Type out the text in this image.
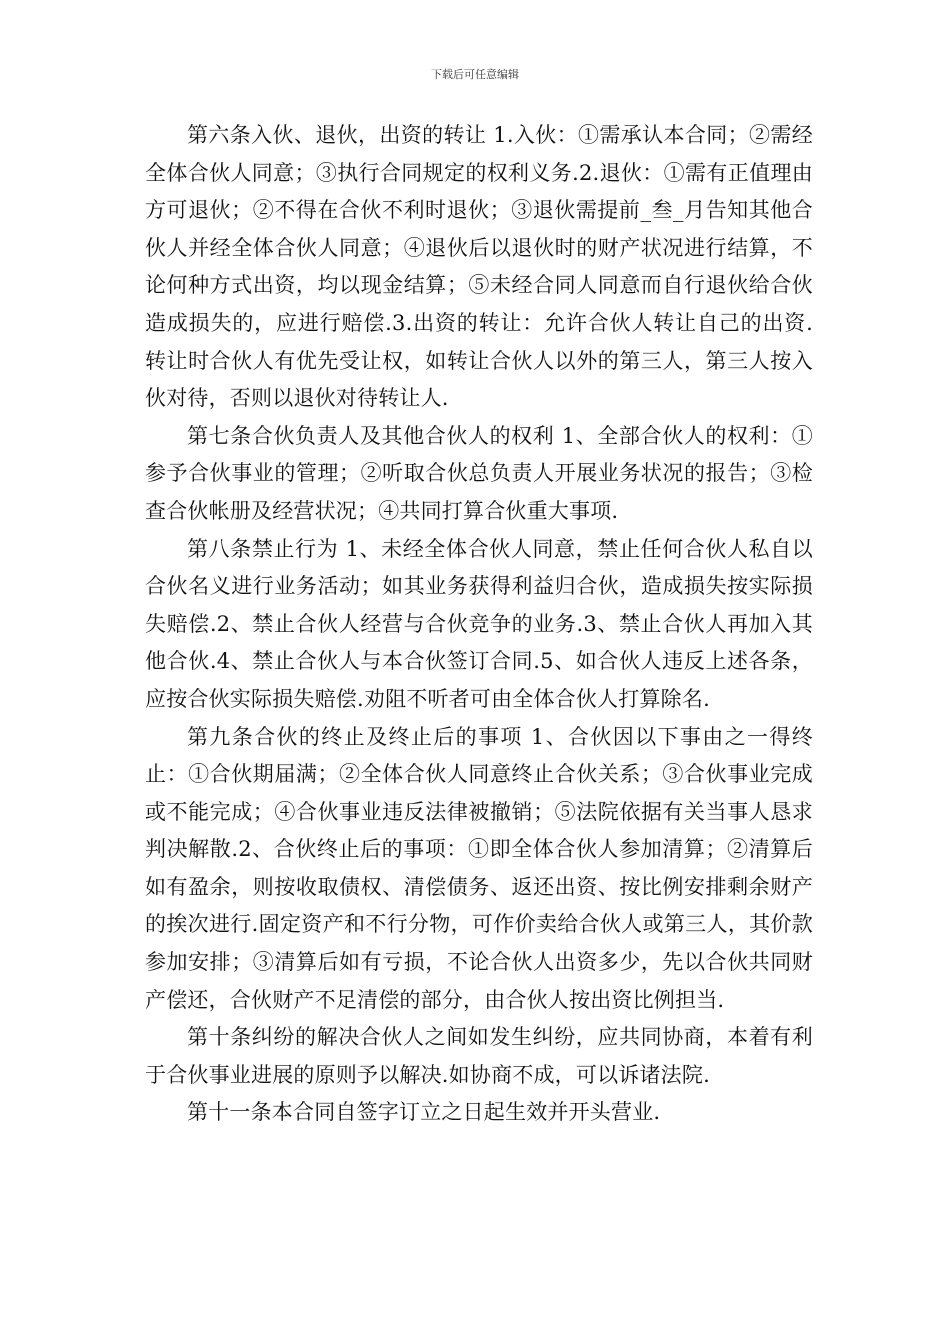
下载后可任意编辑

第六条入伙、退伙，出资的转让 1.入伙：①需承认本合同；②需经全体合伙人同意；③执行合同规定的权利义务.2.退伙：①需有正值理由方可退伙；②不得在合伙不利时退伙；③退伙需提前_叁_月告知其他合伙人并经全体合伙人同意；④退伙后以退伙时的财产状况进行结算，不论何种方式出资，均以现金结算；⑤未经合同人同意而自行退伙给合伙造成损失的，应进行赔偿.3.出资的转让：允许合伙人转让自己的出资.转让时合伙人有优先受让权，如转让合伙人以外的第三人，第三人按入伙对待，否则以退伙对待转让人.

第七条合伙负责人及其他合伙人的权利 1、全部合伙人的权利：①参予合伙事业的管理；②听取合伙总负责人开展业务状况的报告；③检查合伙帐册及经营状况；④共同打算合伙重大事项.

第八条禁止行为 1、未经全体合伙人同意，禁止任何合伙人私自以合伙名义进行业务活动；如其业务获得利益归合伙，造成损失按实际损失赔偿.2、禁止合伙人经营与合伙竞争的业务.3、禁止合伙人再加入其他合伙.4、禁止合伙人与本合伙签订合同.5、如合伙人违反上述各条，应按合伙实际损失赔偿.劝阻不听者可由全体合伙人打算除名.

第九条合伙的终止及终止后的事项 1、合伙因以下事由之一得终止：①合伙期届满；②全体合伙人同意终止合伙关系；③合伙事业完成或不能完成；④合伙事业违反法律被撤销；⑤法院依据有关当事人恳求判决解散.2、合伙终止后的事项：①即全体合伙人参加清算；②清算后如有盈余，则按收取债权、清偿债务、返还出资、按比例安排剩余财产的挨次进行.固定资产和不行分物，可作价卖给合伙人或第三人，其价款参加安排；③清算后如有亏损，不论合伙人出资多少，先以合伙共同财产偿还，合伙财产不足清偿的部分，由合伙人按出资比例担当.

第十条纠纷的解决合伙人之间如发生纠纷，应共同协商，本着有利于合伙事业进展的原则予以解决.如协商不成，可以诉诸法院.

第十一条本合同自签字订立之日起生效并开头营业.
